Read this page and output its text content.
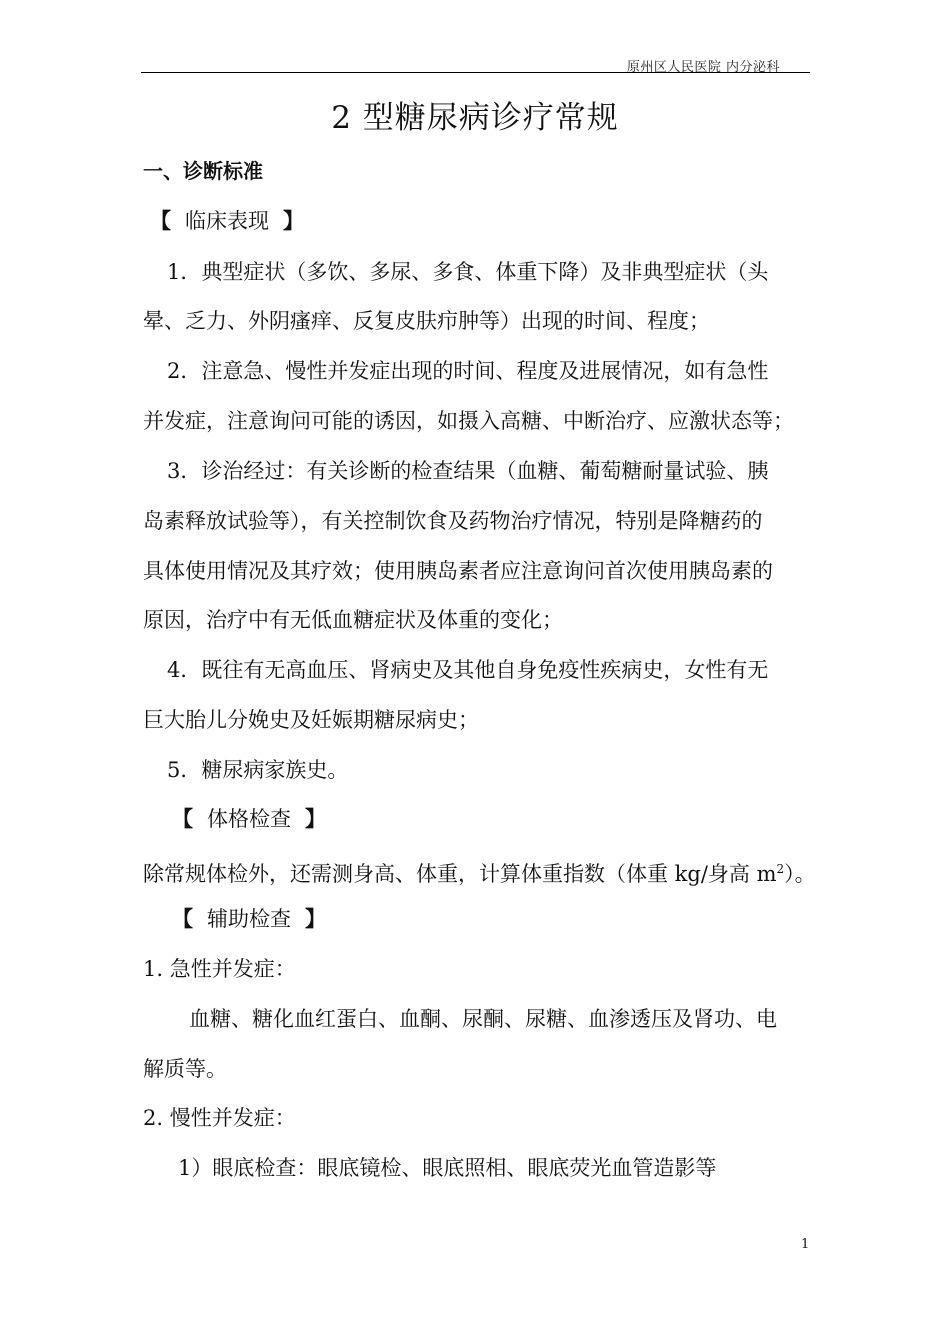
原州区人民医院 内分泌科
2 型糖尿病诊疗常规
一、诊断标准
【 临床表现 】
1．典型症状（多饮、多尿、多食、体重下降）及非典型症状（头
晕、乏力、外阴瘙痒、反复皮肤疖肿等）出现的时间、程度；
2．注意急、慢性并发症出现的时间、程度及进展情况，如有急性
并发症，注意询问可能的诱因，如摄入高糖、中断治疗、应激状态等；
3．诊治经过：有关诊断的检查结果（血糖、葡萄糖耐量试验、胰
岛素释放试验等），有关控制饮食及药物治疗情况，特别是降糖药的
具体使用情况及其疗效；使用胰岛素者应注意询问首次使用胰岛素的
原因，治疗中有无低血糖症状及体重的变化；
4．既往有无高血压、肾病史及其他自身免疫性疾病史，女性有无
巨大胎儿分娩史及妊娠期糖尿病史；
5．糖尿病家族史。
【 体格检查 】
除常规体检外，还需测身高、体重，计算体重指数（体重 kg/身高 $m^2$）。
【 辅助检查 】
1. 急性并发症：
血糖、糖化血红蛋白、血酮、尿酮、尿糖、血渗透压及肾功、电
解质等。
2. 慢性并发症：
1）眼底检查：眼底镜检、眼底照相、眼底荧光血管造影等
1
